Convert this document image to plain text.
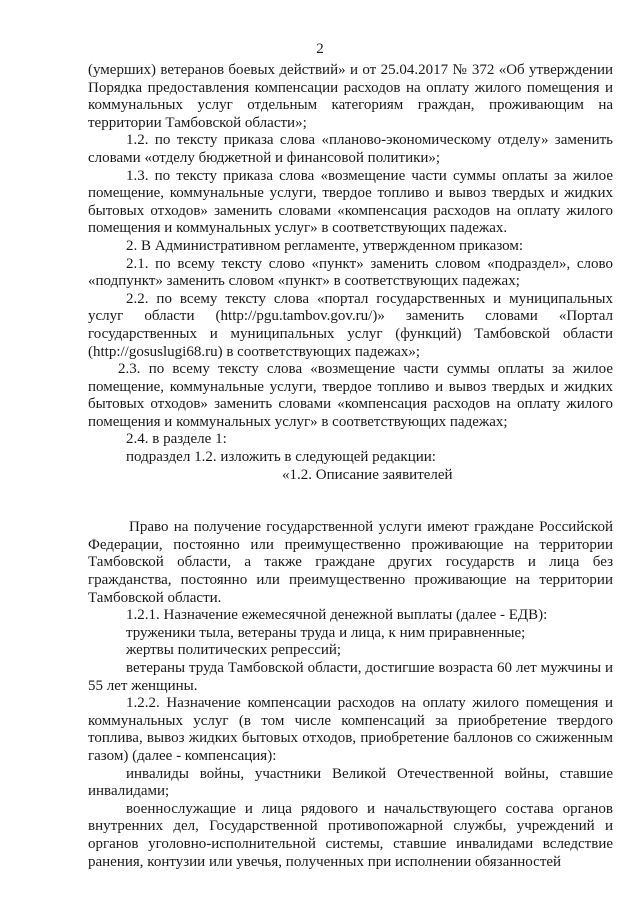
2

(умерших) ветеранов боевых действий» и от 25.04.2017 № 372 «Об утверждении Порядка предоставления компенсации расходов на оплату жилого помещения и коммунальных услуг отдельным категориям граждан, проживающим на территории Тамбовской области»;

1.2. по тексту приказа слова «планово-экономическому отделу» заменить словами «отделу бюджетной и финансовой политики»;

1.3. по тексту приказа слова «возмещение части суммы оплаты за жилое помещение, коммунальные услуги, твердое топливо и вывоз твердых и жидких бытовых отходов» заменить словами «компенсация расходов на оплату жилого помещения и коммунальных услуг» в соответствующих падежах.

2. В Административном регламенте, утвержденном приказом:

2.1. по всему тексту слово «пункт» заменить словом «подраздел», слово «подпункт» заменить словом «пункт» в соответствующих падежах;

2.2. по всему тексту слова «портал государственных и муниципальных услуг области (http://pgu.tambov.gov.ru/)» заменить словами «Портал государственных и муниципальных услуг (функций) Тамбовской области (http://gosuslugi68.ru) в соответствующих падежах»;

2.3. по всему тексту слова «возмещение части суммы оплаты за жилое помещение, коммунальные услуги, твердое топливо и вывоз твердых и жидких бытовых отходов» заменить словами «компенсация расходов на оплату жилого помещения и коммунальных услуг» в соответствующих падежах;

2.4. в разделе 1:

подраздел 1.2. изложить в следующей редакции:

«1.2. Описание заявителей

Право на получение государственной услуги имеют граждане Российской Федерации, постоянно или преимущественно проживающие на территории Тамбовской области, а также граждане других государств и лица без гражданства, постоянно или преимущественно проживающие на территории Тамбовской области.

1.2.1. Назначение ежемесячной денежной выплаты (далее - ЕДВ):

труженики тыла, ветераны труда и лица, к ним приравненные;

жертвы политических репрессий;

ветераны труда Тамбовской области, достигшие возраста 60 лет мужчины и 55 лет женщины.

1.2.2. Назначение компенсации расходов на оплату жилого помещения и коммунальных услуг (в том числе компенсаций за приобретение твердого топлива, вывоз жидких бытовых отходов, приобретение баллонов со сжиженным газом) (далее - компенсация):

инвалиды войны, участники Великой Отечественной войны, ставшие инвалидами;

военнослужащие и лица рядового и начальствующего состава органов внутренних дел, Государственной противопожарной службы, учреждений и органов уголовно-исполнительной системы, ставшие инвалидами вследствие ранения, контузии или увечья, полученных при исполнении обязанностей
